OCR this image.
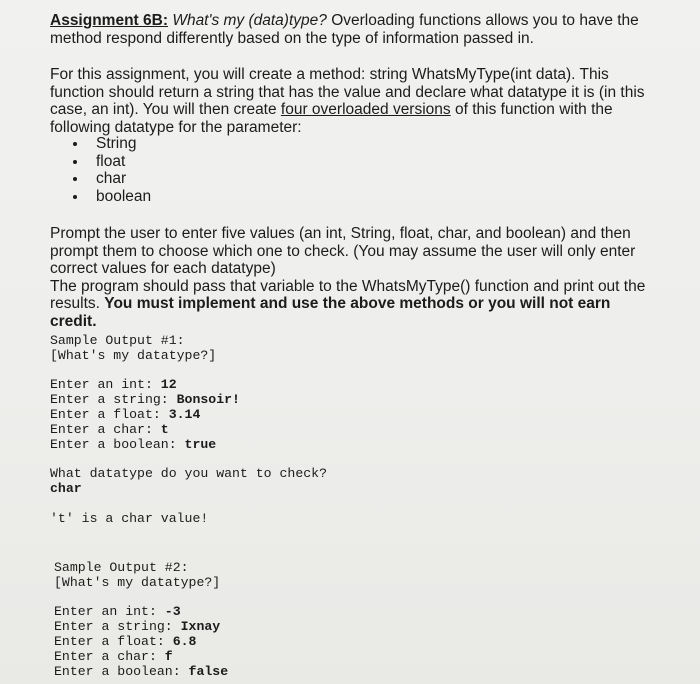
Assignment 6B: What's my (data)type? Overloading functions allows you to have the
method respond differently based on the type of information passed in.

For this assignment, you will create a method: string WhatsMyType(int data). This
function should return a string that has the value and declare what datatype it is (in this
case, an int). You will then create four overloaded versions of this function with the
following datatype for the parameter:

String
float
char
boolean

Prompt the user to enter five values (an int, String, float, char, and boolean) and then
prompt them to choose which one to check. (You may assume the user will only enter
correct values for each datatype)
The program should pass that variable to the WhatsMyType() function and print out the
results. You must implement and use the above methods or you will not earn credit.

Sample Output #1:
[What's my datatype?]
Enter an int: 12
Enter a string: Bonsoir!
Enter a float: 3.14
Enter a char: t
Enter a boolean: true
What datatype do you want to check?
char
't' is a char value!
Sample Output #2:
[What's my datatype?]
Enter an int: -3
Enter a string: Ixnay
Enter a float: 6.8
Enter a char: f
Enter a boolean: false
